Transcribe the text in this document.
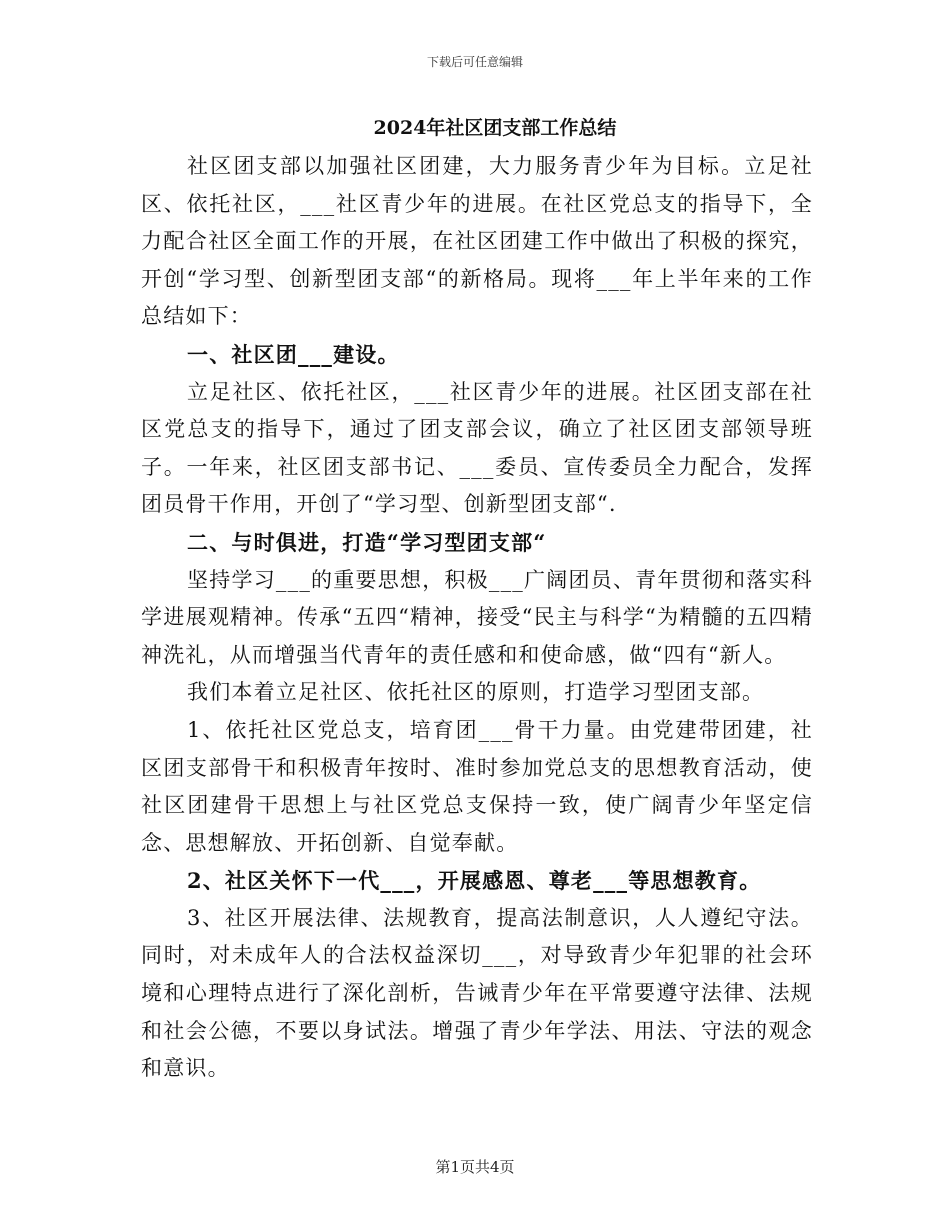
下载后可任意编辑
2024年社区团支部工作总结

社区团支部以加强社区团建，大力服务青少年为目标。立足社区、依托社区，___社区青少年的进展。在社区党总支的指导下，全力配合社区全面工作的开展，在社区团建工作中做出了积极的探究，开创“学习型、创新型团支部“的新格局。现将___年上半年来的工作总结如下：

一、社区团___建设。

立足社区、依托社区，___社区青少年的进展。社区团支部在社区党总支的指导下，通过了团支部会议，确立了社区团支部领导班子。一年来，社区团支部书记、___委员、宣传委员全力配合，发挥团员骨干作用，开创了“学习型、创新型团支部“.

二、与时俱进，打造“学习型团支部“

坚持学习___的重要思想，积极___广阔团员、青年贯彻和落实科学进展观精神。传承“五四“精神，接受“民主与科学“为精髓的五四精神洗礼，从而增强当代青年的责任感和和使命感，做“四有“新人。

我们本着立足社区、依托社区的原则，打造学习型团支部。

1、依托社区党总支，培育团___骨干力量。由党建带团建，社区团支部骨干和积极青年按时、准时参加党总支的思想教育活动，使社区团建骨干思想上与社区党总支保持一致，使广阔青少年坚定信念、思想解放、开拓创新、自觉奉献。

2、社区关怀下一代___，开展感恩、尊老___等思想教育。

3、社区开展法律、法规教育，提高法制意识，人人遵纪守法。同时，对未成年人的合法权益深切___，对导致青少年犯罪的社会环境和心理特点进行了深化剖析，告诫青少年在平常要遵守法律、法规和社会公德，不要以身试法。增强了青少年学法、用法、守法的观念和意识。

第1页共4页
